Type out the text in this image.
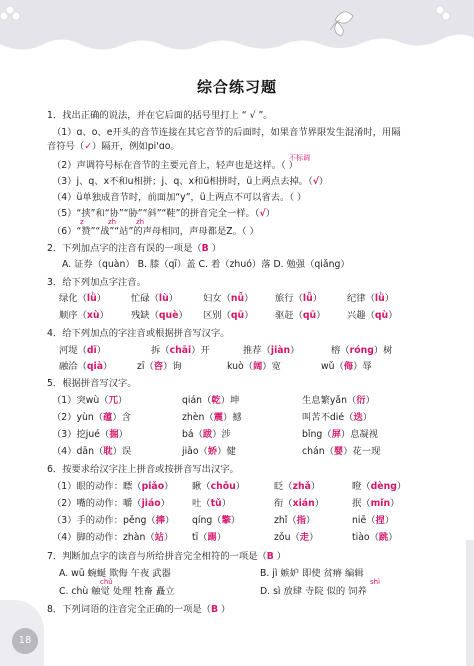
综合练习题
1．找出正确的说法，并在它后面的括号里打上 “ √ ”。
（1）ɑ、o、e开头的音节连接在其它音节的后面时，如果音节界限发生混淆时，用隔
音符号（✓）隔开，例如pi'ɑo。
不标调
（2）声调符号标在音节的主要元音上，轻声也是这样。（ ）
（3）j、q、x不和u相拼；j、q、x和ü相拼时，ü上两点去掉。（√）
（4）ü单独成音节时，前面加“y”，ü上两点不可以省去。（ ）
（5）“挟”和“协”“胁”“斜”“鞋”的拼音完全一样。（√）
z	zh	zh
（6）“赞”“战”“站”的声母相同，声母都是Z。（ ）
2．下列加点字的注音有误的一项是（B ）
A. 证券（quàn） B. 膝（qī）盖 C. 着（zhuó）落 D. 勉强（qiǎng）
3．给下列加点字注音。
绿化（lǜ）	忙碌（lù）	妇女（nǚ） 旅行（lǚ）	纪律（lǜ）
顺序（xù） 残缺（què） 区别（qū） 驱赶（qū） 兴趣（qù）
4．给下列加点的字注音或根据拼音写汉字。
河堤（dī）	拆（chāi）开	推荐（jiàn）	榕（róng）树
融洽（qià）	zī（咨）询	kuò（阔）宽	wǔ（侮）辱
5．根据拼音写汉字。
（1）突wù（兀）	qián（乾）坤	生息繁yǎn（衍）
（2）yùn（蕴）含	zhèn（震）撼	叫苦不dié（迭）
（3）挖jué（掘）	bá（跋）涉	bǐng（屏）息凝视
（4）dān（耽）误	jiāo（娇）健	chán（婴）花一现
6．按要求给汉字注上拼音或按拼音写出汉字。
（1）眼的动作：瞟（piǎo） 瞅（chǒu）	眨（zhǎ）	瞪（dèng）
（2）嘴的动作：嚼（jiáo） 吐（tǔ）	衔（xián）	抿（mǐn）
（3）手的动作：pěng（捧） qíng（擎）	zhǐ（指）	niē（捏）
（4）脚的动作：zhàn（站） tī（踢）	zǒu（走）	tiào（跳）
7．判断加点字的读音与所给拼音完全相符的一项是（B ）
A. wū 蜿蜒 欺侮 午夜 武器	B. jì 嫉妒 即使 贫瘠 编辑
chǔ	shì
C. chù 触觉 处理 牲畜 矗立	D. sì 放肆 寺院 似的 饲养
8．下列词语的注音完全正确的一项是（B ）
18
